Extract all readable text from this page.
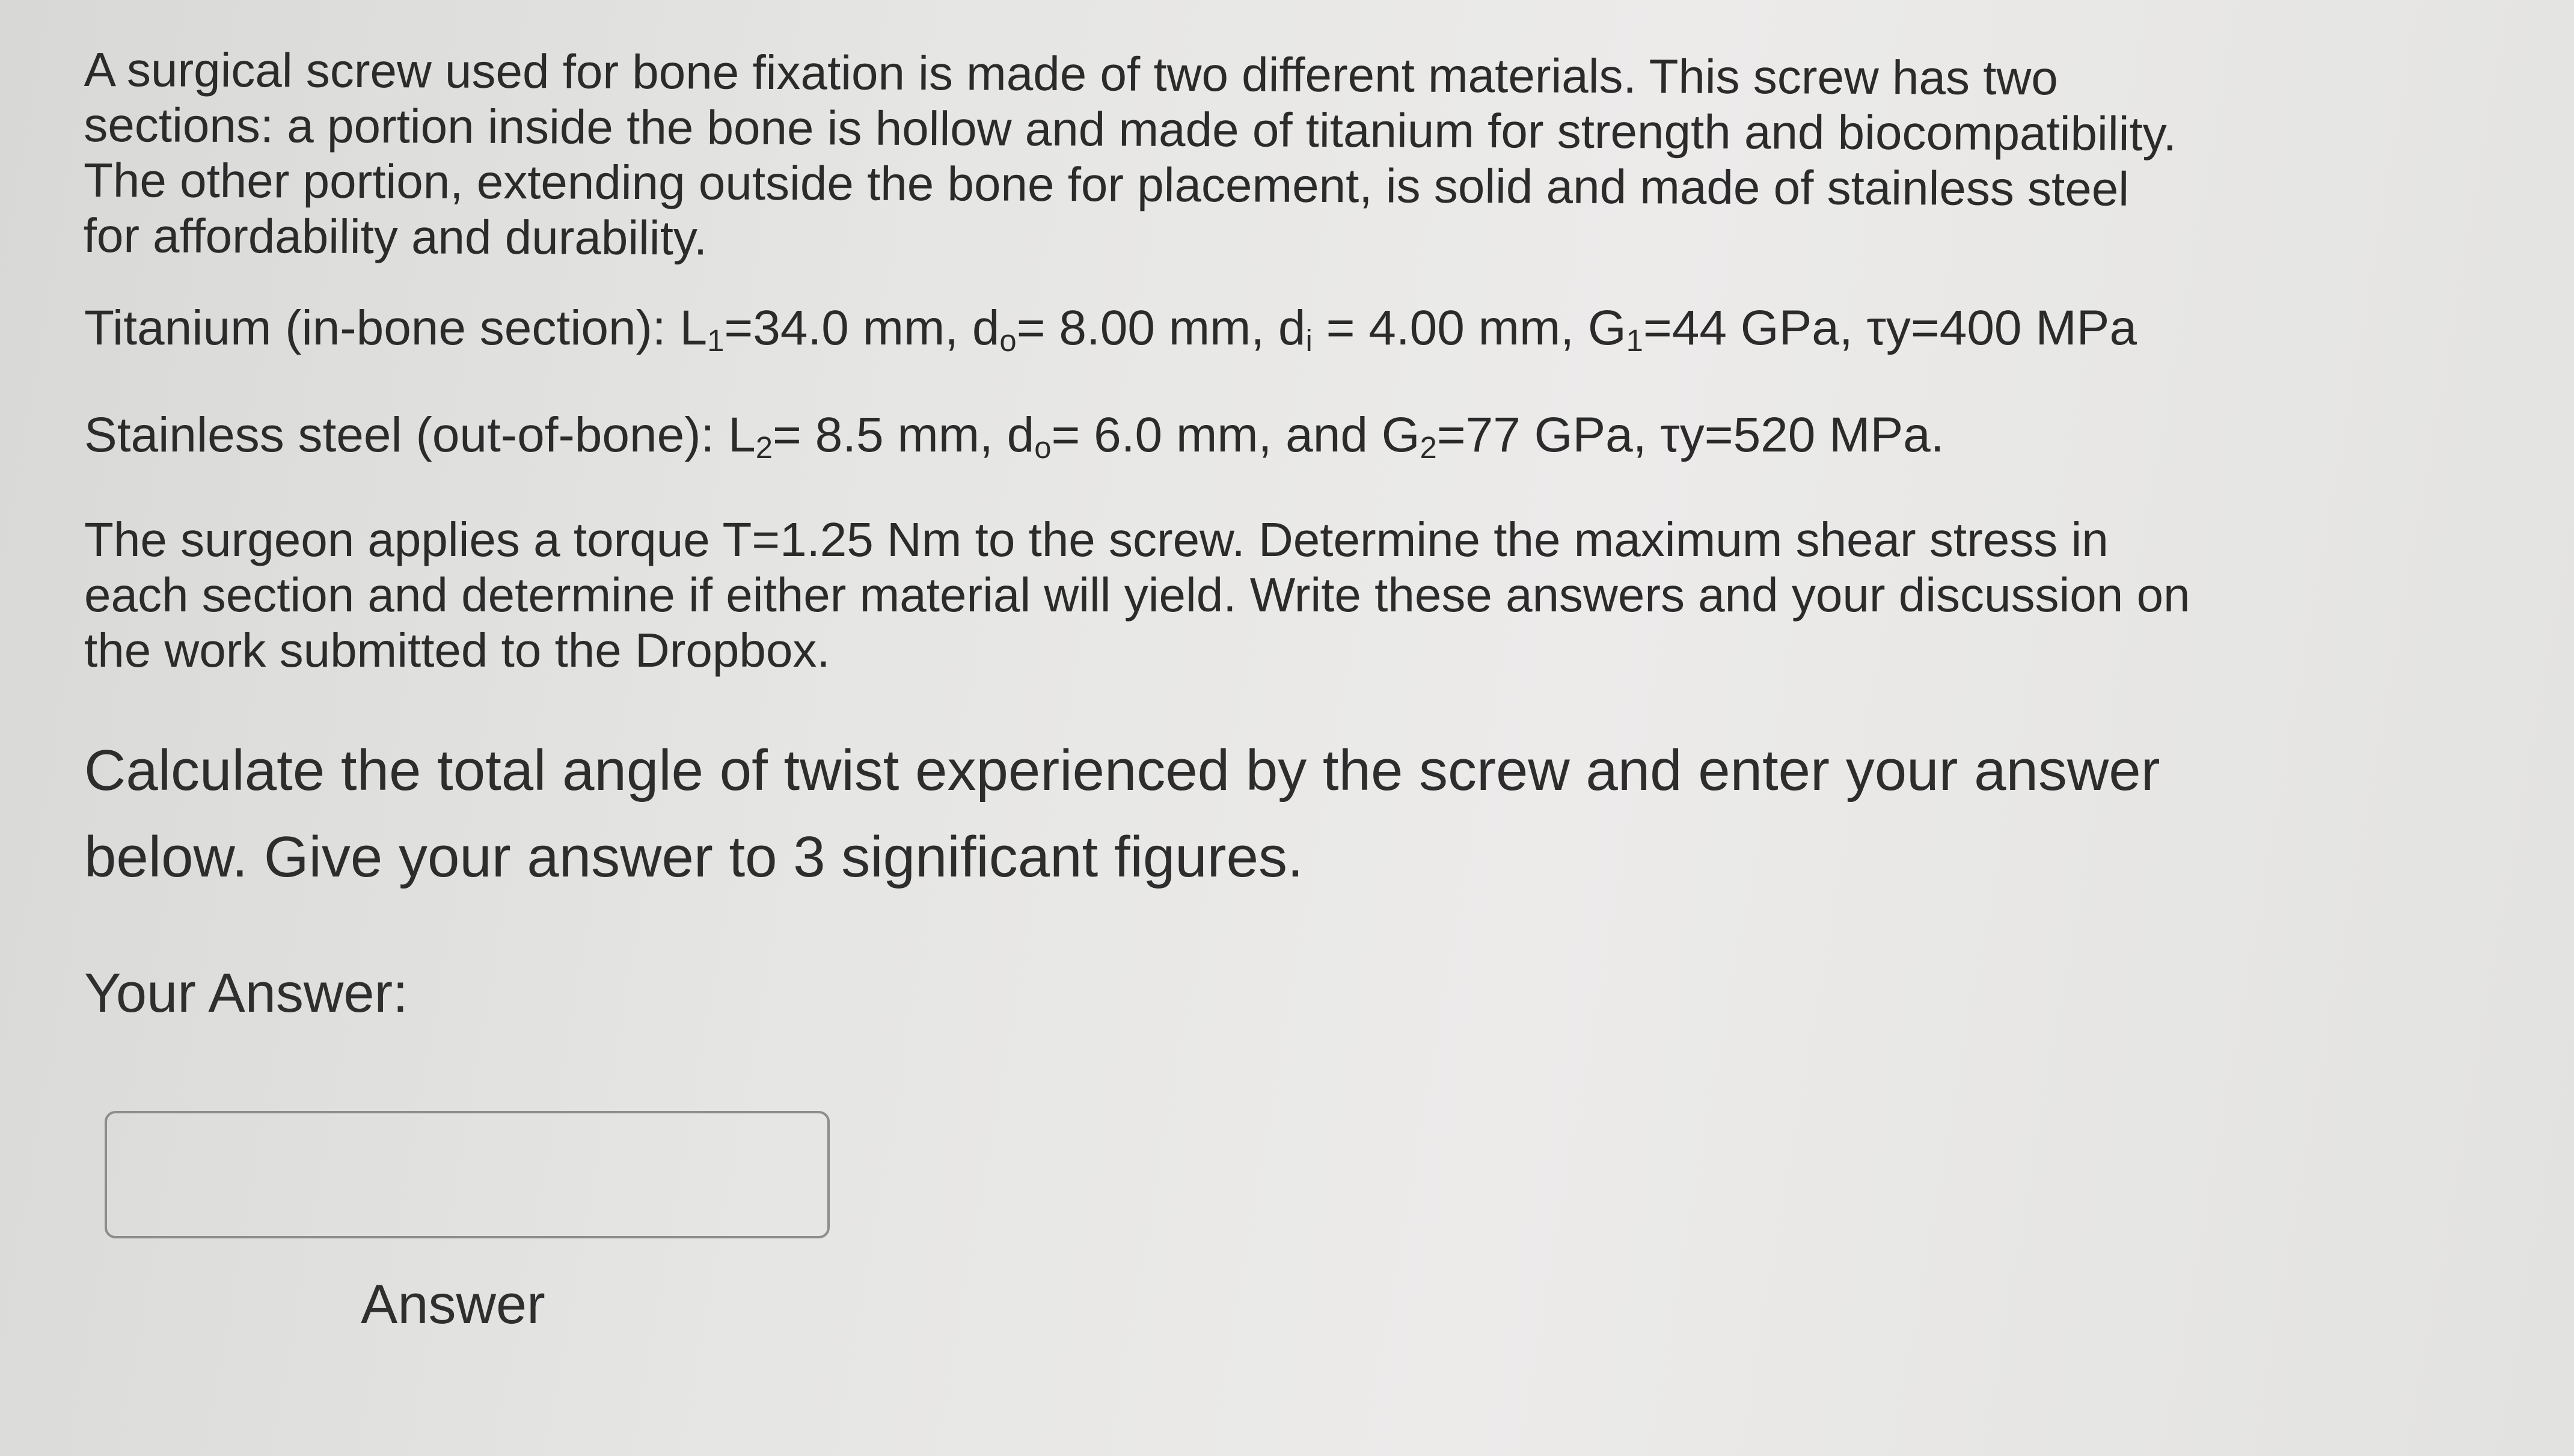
A surgical screw used for bone fixation is made of two different materials. This screw has two
sections: a portion inside the bone is hollow and made of titanium for strength and biocompatibility.
The other portion, extending outside the bone for placement, is solid and made of stainless steel
for affordability and durability.

Titanium (in-bone section): $L_1=34.0$ mm, $d_o= 8.00$ mm, $d_i = 4.00$ mm, $G_1=44$ GPa, τy=400 MPa

Stainless steel (out-of-bone): $L_2= 8.5$ mm, $d_o= 6.0$ mm, and $G_2=77$ GPa, τy=520 MPa.

The surgeon applies a torque T=1.25 Nm to the screw. Determine the maximum shear stress in
each section and determine if either material will yield. Write these answers and your discussion on
the work submitted to the Dropbox.

Calculate the total angle of twist experienced by the screw and enter your answer
below. Give your answer to 3 significant figures.

Your Answer:

Answer
